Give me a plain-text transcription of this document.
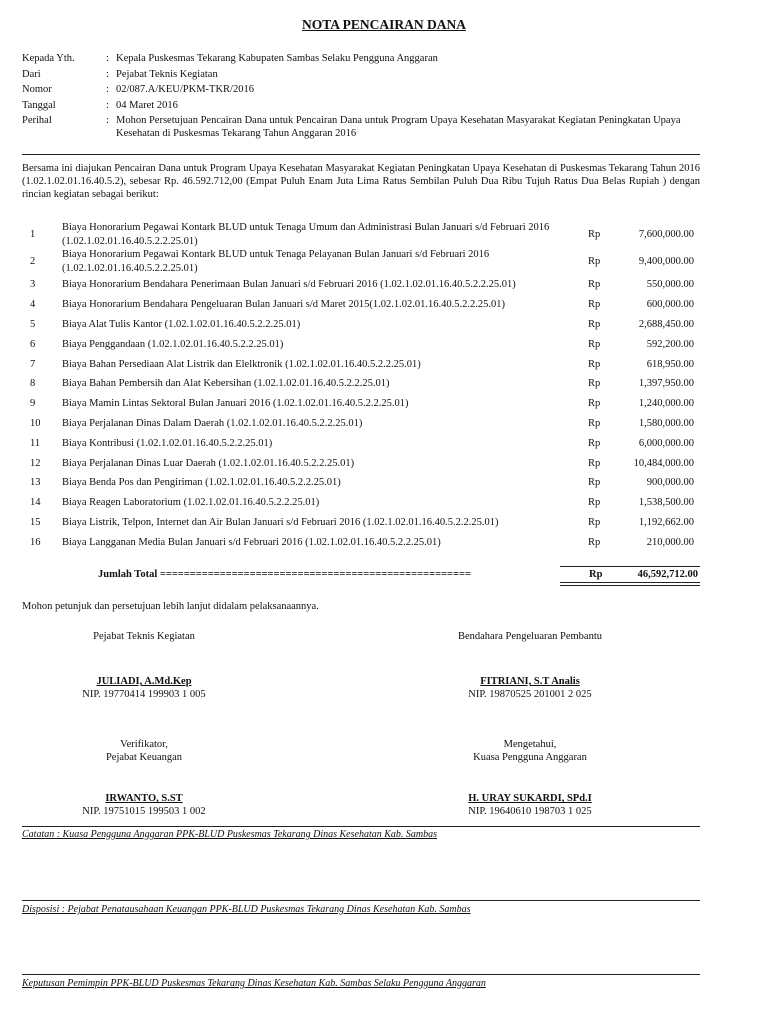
NOTA PENCAIRAN DANA
Kepada Yth.	: Kepala Puskesmas Tekarang Kabupaten Sambas Selaku Pengguna Anggaran
Dari	: Pejabat Teknis Kegiatan
Nomor	: 02/087.A/KEU/PKM-TKR/2016
Tanggal	: 04 Maret 2016
Perihal	: Mohon Persetujuan Pencairan Dana untuk Pencairan Dana untuk Program Upaya Kesehatan Masyarakat Kegiatan Peningkatan Upaya Kesehatan di Puskesmas Tekarang Tahun Anggaran 2016
Bersama ini diajukan Pencairan Dana untuk Program Upaya Kesehatan Masyarakat Kegiatan Peningkatan Upaya Kesehatan di Puskesmas Tekarang Tahun 2016 (1.02.1.02.01.16.40.5.2), sebesar Rp. 46.592.712,00 (Empat Puluh Enam Juta Lima Ratus Sembilan Puluh Dua Ribu Tujuh Ratus Dua Belas Rupiah ) dengan rincian kegiatan sebagai berikut:
1	Biaya Honorarium Pegawai Kontark BLUD untuk Tenaga Umum dan Administrasi Bulan Januari s/d Februari 2016 (1.02.1.02.01.16.40.5.2.2.25.01)	Rp	7,600,000.00
2	Biaya Honorarium Pegawai Kontark BLUD untuk Tenaga Pelayanan Bulan Januari s/d Februari 2016 (1.02.1.02.01.16.40.5.2.2.25.01)	Rp	9,400,000.00
3	Biaya Honorarium Bendahara Penerimaan Bulan Januari s/d Februari 2016 (1.02.1.02.01.16.40.5.2.2.25.01)	Rp	550,000.00
4	Biaya Honorarium Bendahara Pengeluaran Bulan Januari s/d Maret 2015(1.02.1.02.01.16.40.5.2.2.25.01)	Rp	600,000.00
5	Biaya Alat Tulis Kantor (1.02.1.02.01.16.40.5.2.2.25.01)	Rp	2,688,450.00
6	Biaya Penggandaan (1.02.1.02.01.16.40.5.2.2.25.01)	Rp	592,200.00
7	Biaya Bahan Persediaan Alat Listrik dan Elelktronik (1.02.1.02.01.16.40.5.2.2.25.01)	Rp	618,950.00
8	Biaya Bahan Pembersih dan Alat Kebersihan (1.02.1.02.01.16.40.5.2.2.25.01)	Rp	1,397,950.00
9	Biaya Mamin Lintas Sektoral Bulan Januari 2016 (1.02.1.02.01.16.40.5.2.2.25.01)	Rp	1,240,000.00
10	Biaya Perjalanan Dinas Dalam Daerah (1.02.1.02.01.16.40.5.2.2.25.01)	Rp	1,580,000.00
11	Biaya Kontribusi (1.02.1.02.01.16.40.5.2.2.25.01)	Rp	6,000,000.00
12	Biaya Perjalanan Dinas Luar Daerah (1.02.1.02.01.16.40.5.2.2.25.01)	Rp	10,484,000.00
13	Biaya Benda Pos dan Pengiriman (1.02.1.02.01.16.40.5.2.2.25.01)	Rp	900,000.00
14	Biaya Reagen Laboratorium (1.02.1.02.01.16.40.5.2.2.25.01)	Rp	1,538,500.00
15	Biaya Listrik, Telpon, Internet dan Air Bulan Januari s/d Februari 2016 (1.02.1.02.01.16.40.5.2.2.25.01)	Rp	1,192,662.00
16	Biaya Langganan Media Bulan Januari s/d Februari 2016 (1.02.1.02.01.16.40.5.2.2.25.01)	Rp	210,000.00
Jumlah Total ====================================================	Rp	46,592,712.00
Mohon petunjuk dan persetujuan lebih lanjut didalam pelaksanaannya.
Pejabat Teknis Kegiatan
JULIADI, A.Md.Kep
NIP. 19770414 199903 1 005
Bendahara Pengeluaran Pembantu
FITRIANI, S.T Analis
NIP. 19870525 201001 2 025
Verifikator,
Pejabat Keuangan
IRWANTO, S.ST
NIP. 19751015 199503 1 002
Mengetahui,
Kuasa Pengguna Anggaran
H. URAY SUKARDI, SPd.I
NIP. 19640610 198703 1 025
Catatan : Kuasa Pengguna Anggaran PPK-BLUD Puskesmas Tekarang Dinas Kesehatan Kab. Sambas
Disposisi : Pejabat Penatausahaan Keuangan PPK-BLUD Puskesmas Tekarang Dinas Kesehatan Kab. Sambas
Keputusan Pemimpin PPK-BLUD Puskesmas Tekarang Dinas Kesehatan Kab. Sambas Selaku Pengguna Anggaran
